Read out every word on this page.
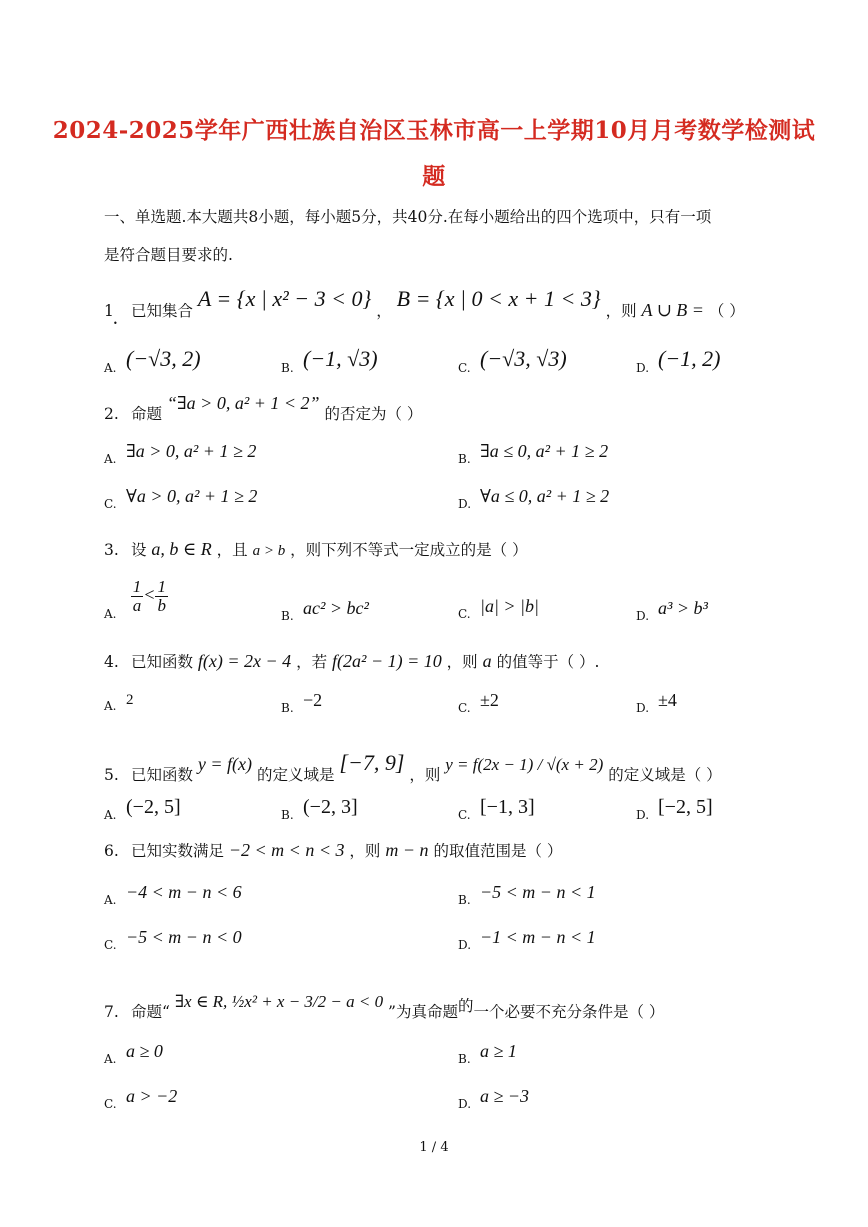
2024-2025学年广西壮族自治区玉林市高一上学期10月月考数学检测试
题
一、单选题.本大题共8小题，每小题5分，共40分.在每小题给出的四个选项中，只有一项
是符合题目要求的.
1 已知集合 A = {x | x² − 3 < 0} ， B = {x | 0 < x + 1 < 3} ，则 A ∪ B = （ ）
•
A. (−√3, 2)	B. (−1, √3)	C. (−√3, √3)	D. (−1, 2)
2. 命题 “∃a > 0, a² + 1 < 2” 的否定为（ ）
A. ∃a > 0, a² + 1 ≥ 2	B. ∃a ≤ 0, a² + 1 ≥ 2
C. ∀a > 0, a² + 1 ≥ 2	D. ∀a ≤ 0, a² + 1 ≥ 2
3. 设 a, b ∈ R ，且 a > b ，则下列不等式一定成立的是（ ）
A. $\frac{1}{a} < \frac{1}{b}$
B. ac² > bc²	C. |a| > |b|	D. a³ > b³
4. 已知函数 f(x) = 2x − 4 ，若 f(2a² − 1) = 10 ，则 a 的值等于（ ）.
A. 2	B. −2	C. ±2	D. ±4
5. 已知函数 y = f(x) 的定义域是 [−7, 9] ，则 y = f(2x − 1) / √(x + 2) 的定义域是（ ）
A. (−2, 5]	B. (−2, 3]	C. [−1, 3]	D. [−2, 5]
6. 已知实数满足 −2 < m < n < 3 ，则 m − n 的取值范围是（ ）
A. −4 < m − n < 6	B. −5 < m − n < 1
C. −5 < m − n < 0	D. −1 < m − n < 1
7. 命题“ ∃x ∈ R, ½x² + x − 3/2 − a < 0 ”为真命题的一个必要不充分条件是（ ）
A. a ≥ 0	B. a ≥ 1
C. a > −2	D. a ≥ −3
1 / 4
